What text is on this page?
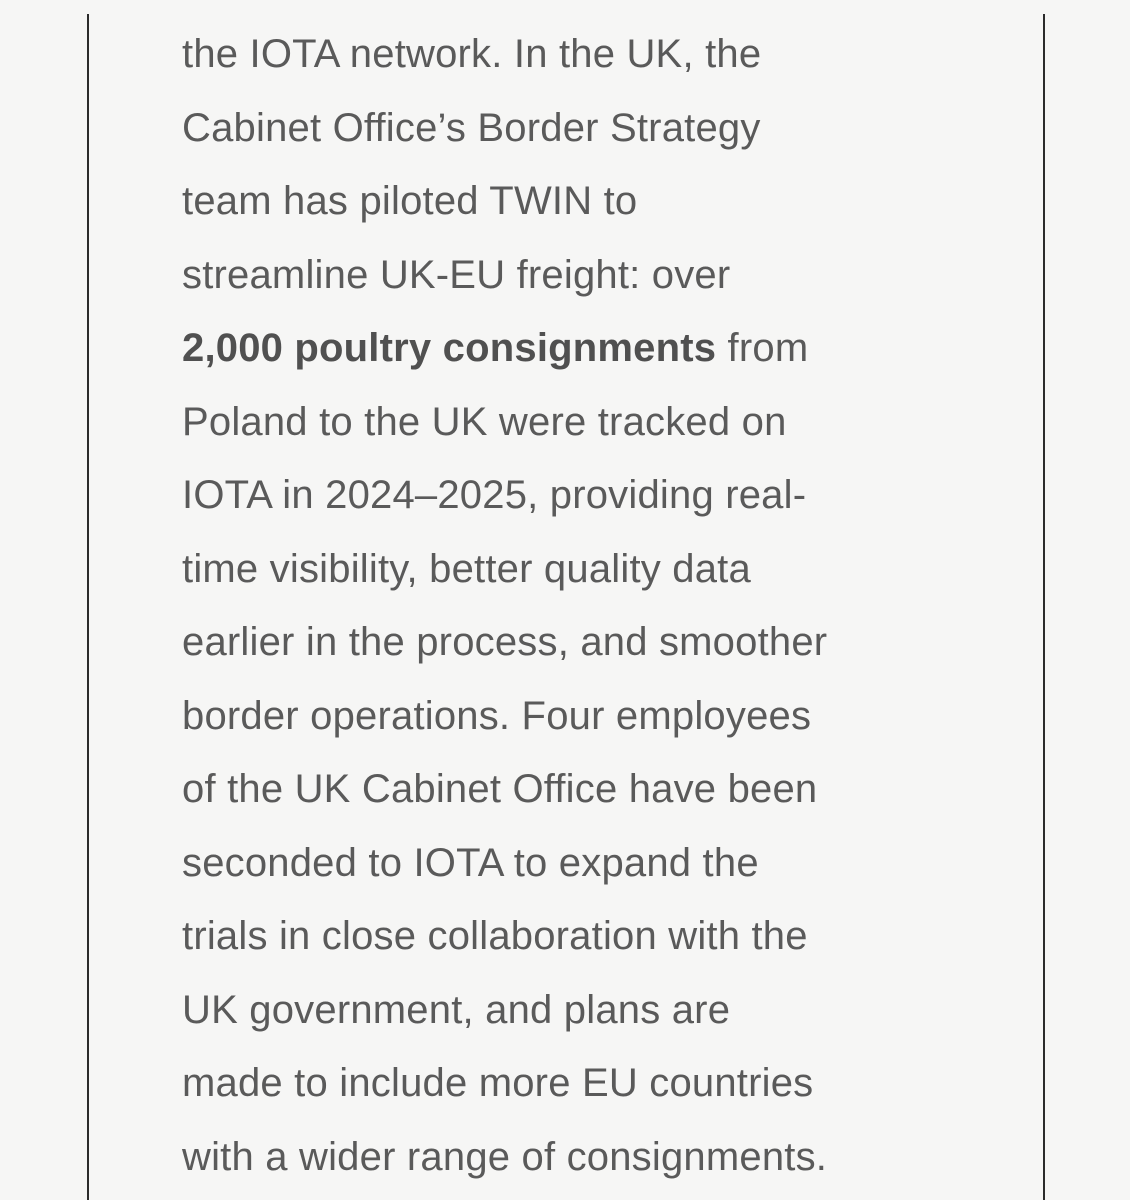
the IOTA network. In the UK, the
Cabinet Office’s Border Strategy
team has piloted TWIN to
streamline UK-EU freight: over
2,000 poultry consignments from
Poland to the UK were tracked on
IOTA in 2024–2025, providing real-
time visibility, better quality data
earlier in the process, and smoother
border operations. Four employees
of the UK Cabinet Office have been
seconded to IOTA to expand the
trials in close collaboration with the
UK government, and plans are
made to include more EU countries
with a wider range of consignments.
